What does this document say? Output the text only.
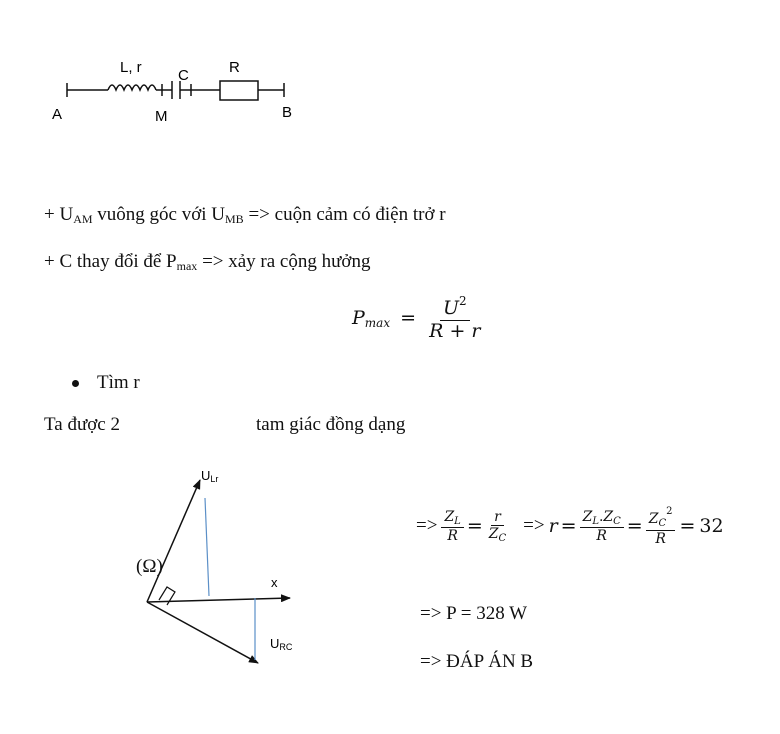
A
L, r C
M
R
B
+ $U_{AM}$ vuông góc với $U_{MB}$ => cuộn cảm có điện trở r
+ C thay đổi để $P_{max}$ => xảy ra cộng hưởng
$P_{max} = \frac{U^2}{R + r}$
Tìm r
Ta được 2	tam giác đồng dạng
ULr
x
URC
(Ω)
=> $\frac{Z_L}{R} = \frac{r}{Z_C} => r = \frac{Z_L.Z_C}{R} = \frac{Z_C^2}{R} = 32$
=> P = 328 W
=> ĐÁP ÁN B
